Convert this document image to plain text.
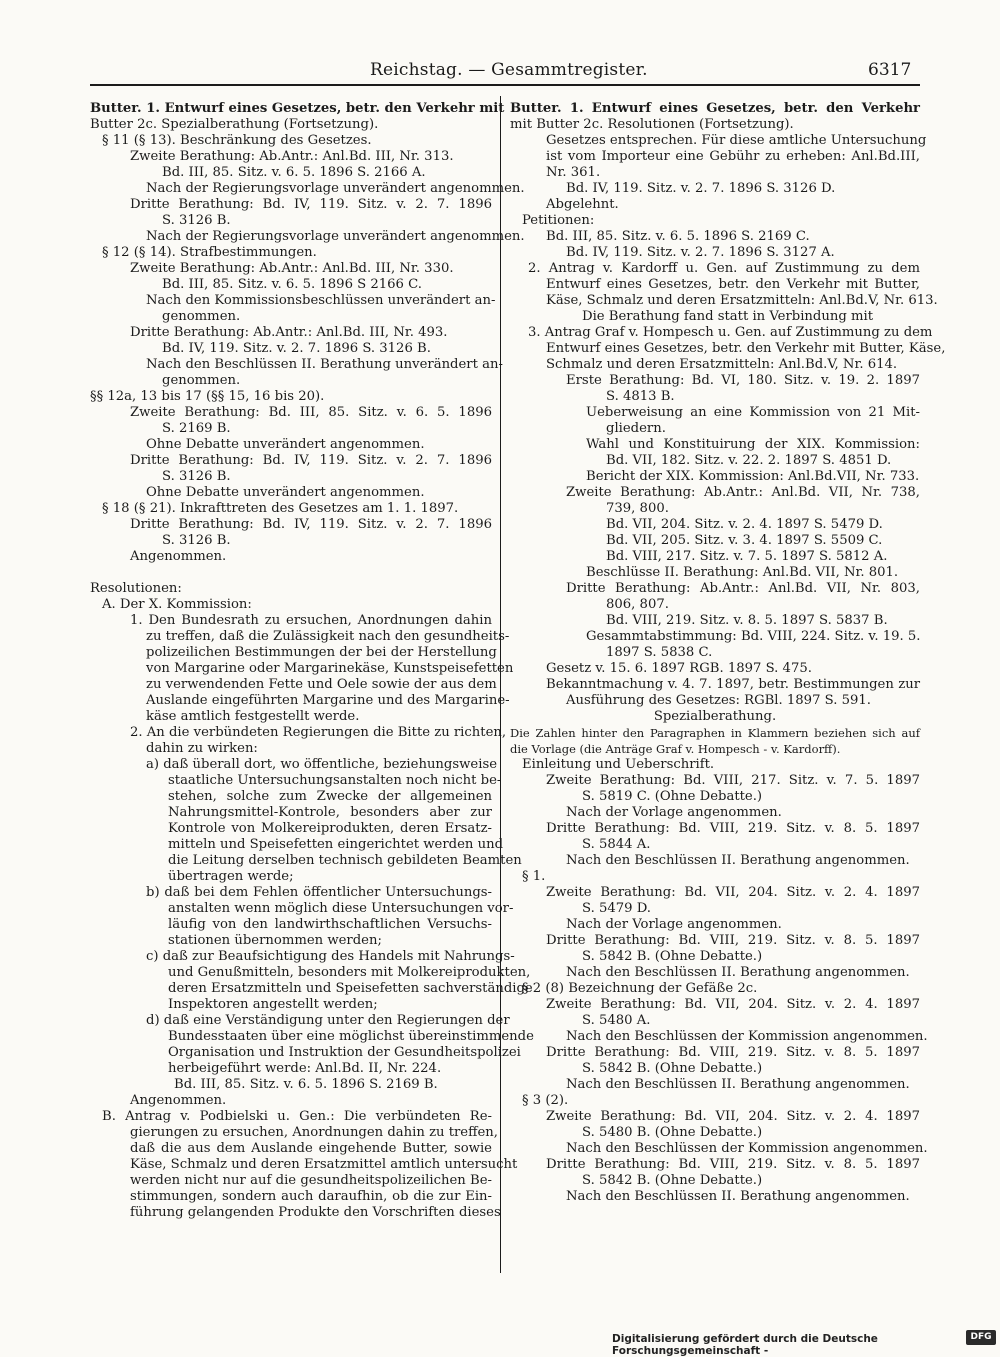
Reichstag. — Gesammtregister.	6317
Butter. 1. Entwurf eines Gesetzes, betr. den Verkehr mit
Butter 2c. Spezialberathung (Fortsetzung).
§ 11 (§ 13). Beschränkung des Gesetzes.
Zweite Berathung: Ab.Antr.: Anl.Bd. III, Nr. 313.
Bd. III, 85. Sitz. v. 6. 5. 1896 S. 2166 A.
Nach der Regierungsvorlage unverändert angenommen.
Dritte Berathung: Bd. IV, 119. Sitz. v. 2. 7. 1896
S. 3126 B.
Nach der Regierungsvorlage unverändert angenommen.
§ 12 (§ 14). Strafbestimmungen.
Zweite Berathung: Ab.Antr.: Anl.Bd. III, Nr. 330.
Bd. III, 85. Sitz. v. 6. 5. 1896 S 2166 C.
Nach den Kommissionsbeschlüssen unverändert an-
genommen.
Dritte Berathung: Ab.Antr.: Anl.Bd. III, Nr. 493.
Bd. IV, 119. Sitz. v. 2. 7. 1896 S. 3126 B.
Nach den Beschlüssen II. Berathung unverändert an-
genommen.
§§ 12a, 13 bis 17 (§§ 15, 16 bis 20).
Zweite Berathung: Bd. III, 85. Sitz. v. 6. 5. 1896
S. 2169 B.
Ohne Debatte unverändert angenommen.
Dritte Berathung: Bd. IV, 119. Sitz. v. 2. 7. 1896
S. 3126 B.
Ohne Debatte unverändert angenommen.
§ 18 (§ 21). Inkrafttreten des Gesetzes am 1. 1. 1897.
Dritte Berathung: Bd. IV, 119. Sitz. v. 2. 7. 1896
S. 3126 B.
Angenommen.

Resolutionen:
A. Der X. Kommission:
1. Den Bundesrath zu ersuchen, Anordnungen dahin
zu treffen, daß die Zulässigkeit nach den gesundheits-
polizeilichen Bestimmungen der bei der Herstellung
von Margarine oder Margarinekäse, Kunstspeisefetten
zu verwendenden Fette und Oele sowie der aus dem
Auslande eingeführten Margarine und des Margarine-
käse amtlich festgestellt werde.
2. An die verbündeten Regierungen die Bitte zu richten,
dahin zu wirken:
a) daß überall dort, wo öffentliche, beziehungsweise
staatliche Untersuchungsanstalten noch nicht be-
stehen, solche zum Zwecke der allgemeinen
Nahrungsmittel-Kontrole, besonders aber zur
Kontrole von Molkereiprodukten, deren Ersatz-
mitteln und Speisefetten eingerichtet werden und
die Leitung derselben technisch gebildeten Beamten
übertragen werde;
b) daß bei dem Fehlen öffentlicher Untersuchungs-
anstalten wenn möglich diese Untersuchungen vor-
läufig von den landwirthschaftlichen Versuchs-
stationen übernommen werden;
c) daß zur Beaufsichtigung des Handels mit Nahrungs-
und Genußmitteln, besonders mit Molkereiprodukten,
deren Ersatzmitteln und Speisefetten sachverständige
Inspektoren angestellt werden;
d) daß eine Verständigung unter den Regierungen der
Bundesstaaten über eine möglichst übereinstimmende
Organisation und Instruktion der Gesundheitspolizei
herbeigeführt werde: Anl.Bd. II, Nr. 224.
Bd. III, 85. Sitz. v. 6. 5. 1896 S. 2169 B.
Angenommen.
B. Antrag v. Podbielski u. Gen.: Die verbündeten Re-
gierungen zu ersuchen, Anordnungen dahin zu treffen,
daß die aus dem Auslande eingehende Butter, sowie
Käse, Schmalz und deren Ersatzmittel amtlich untersucht
werden nicht nur auf die gesundheitspolizeilichen Be-
stimmungen, sondern auch daraufhin, ob die zur Ein-
führung gelangenden Produkte den Vorschriften dieses
Butter. 1. Entwurf eines Gesetzes, betr. den Verkehr
mit Butter 2c. Resolutionen (Fortsetzung).
Gesetzes entsprechen. Für diese amtliche Untersuchung
ist vom Importeur eine Gebühr zu erheben: Anl.Bd.III,
Nr. 361.
Bd. IV, 119. Sitz. v. 2. 7. 1896 S. 3126 D.
Abgelehnt.
Petitionen:
Bd. III, 85. Sitz. v. 6. 5. 1896 S. 2169 C.
Bd. IV, 119. Sitz. v. 2. 7. 1896 S. 3127 A.
2. Antrag v. Kardorff u. Gen. auf Zustimmung zu dem
Entwurf eines Gesetzes, betr. den Verkehr mit Butter,
Käse, Schmalz und deren Ersatzmitteln: Anl.Bd.V, Nr. 613.
Die Berathung fand statt in Verbindung mit
3. Antrag Graf v. Hompesch u. Gen. auf Zustimmung zu dem
Entwurf eines Gesetzes, betr. den Verkehr mit Butter, Käse,
Schmalz und deren Ersatzmitteln: Anl.Bd.V, Nr. 614.
Erste Berathung: Bd. VI, 180. Sitz. v. 19. 2. 1897
S. 4813 B.
Ueberweisung an eine Kommission von 21 Mit-
gliedern.
Wahl und Konstituirung der XIX. Kommission:
Bd. VII, 182. Sitz. v. 22. 2. 1897 S. 4851 D.
Bericht der XIX. Kommission: Anl.Bd.VII, Nr. 733.
Zweite Berathung: Ab.Antr.: Anl.Bd. VII, Nr. 738,
739, 800.
Bd. VII, 204. Sitz. v. 2. 4. 1897 S. 5479 D.
Bd. VII, 205. Sitz. v. 3. 4. 1897 S. 5509 C.
Bd. VIII, 217. Sitz. v. 7. 5. 1897 S. 5812 A.
Beschlüsse II. Berathung: Anl.Bd. VII, Nr. 801.
Dritte Berathung: Ab.Antr.: Anl.Bd. VII, Nr. 803,
806, 807.
Bd. VIII, 219. Sitz. v. 8. 5. 1897 S. 5837 B.
Gesammtabstimmung: Bd. VIII, 224. Sitz. v. 19. 5.
1897 S. 5838 C.
Gesetz v. 15. 6. 1897 RGB. 1897 S. 475.
Bekanntmachung v. 4. 7. 1897, betr. Bestimmungen zur
Ausführung des Gesetzes: RGBl. 1897 S. 591.
Spezialberathung.
Die Zahlen hinter den Paragraphen in Klammern beziehen sich auf
die Vorlage (die Anträge Graf v. Hompesch - v. Kardorff).
Einleitung und Ueberschrift.
Zweite Berathung: Bd. VIII, 217. Sitz. v. 7. 5. 1897
S. 5819 C. (Ohne Debatte.)
Nach der Vorlage angenommen.
Dritte Berathung: Bd. VIII, 219. Sitz. v. 8. 5. 1897
S. 5844 A.
Nach den Beschlüssen II. Berathung angenommen.
§ 1.
Zweite Berathung: Bd. VII, 204. Sitz. v. 2. 4. 1897
S. 5479 D.
Nach der Vorlage angenommen.
Dritte Berathung: Bd. VIII, 219. Sitz. v. 8. 5. 1897
S. 5842 B. (Ohne Debatte.)
Nach den Beschlüssen II. Berathung angenommen.
§ 2 (8) Bezeichnung der Gefäße 2c.
Zweite Berathung: Bd. VII, 204. Sitz. v. 2. 4. 1897
S. 5480 A.
Nach den Beschlüssen der Kommission angenommen.
Dritte Berathung: Bd. VIII, 219. Sitz. v. 8. 5. 1897
S. 5842 B. (Ohne Debatte.)
Nach den Beschlüssen II. Berathung angenommen.
§ 3 (2).
Zweite Berathung: Bd. VII, 204. Sitz. v. 2. 4. 1897
S. 5480 B. (Ohne Debatte.)
Nach den Beschlüssen der Kommission angenommen.
Dritte Berathung: Bd. VIII, 219. Sitz. v. 8. 5. 1897
S. 5842 B. (Ohne Debatte.)
Nach den Beschlüssen II. Berathung angenommen.
Digitalisierung gefördert durch die Deutsche Forschungsgemeinschaft -
DFG
